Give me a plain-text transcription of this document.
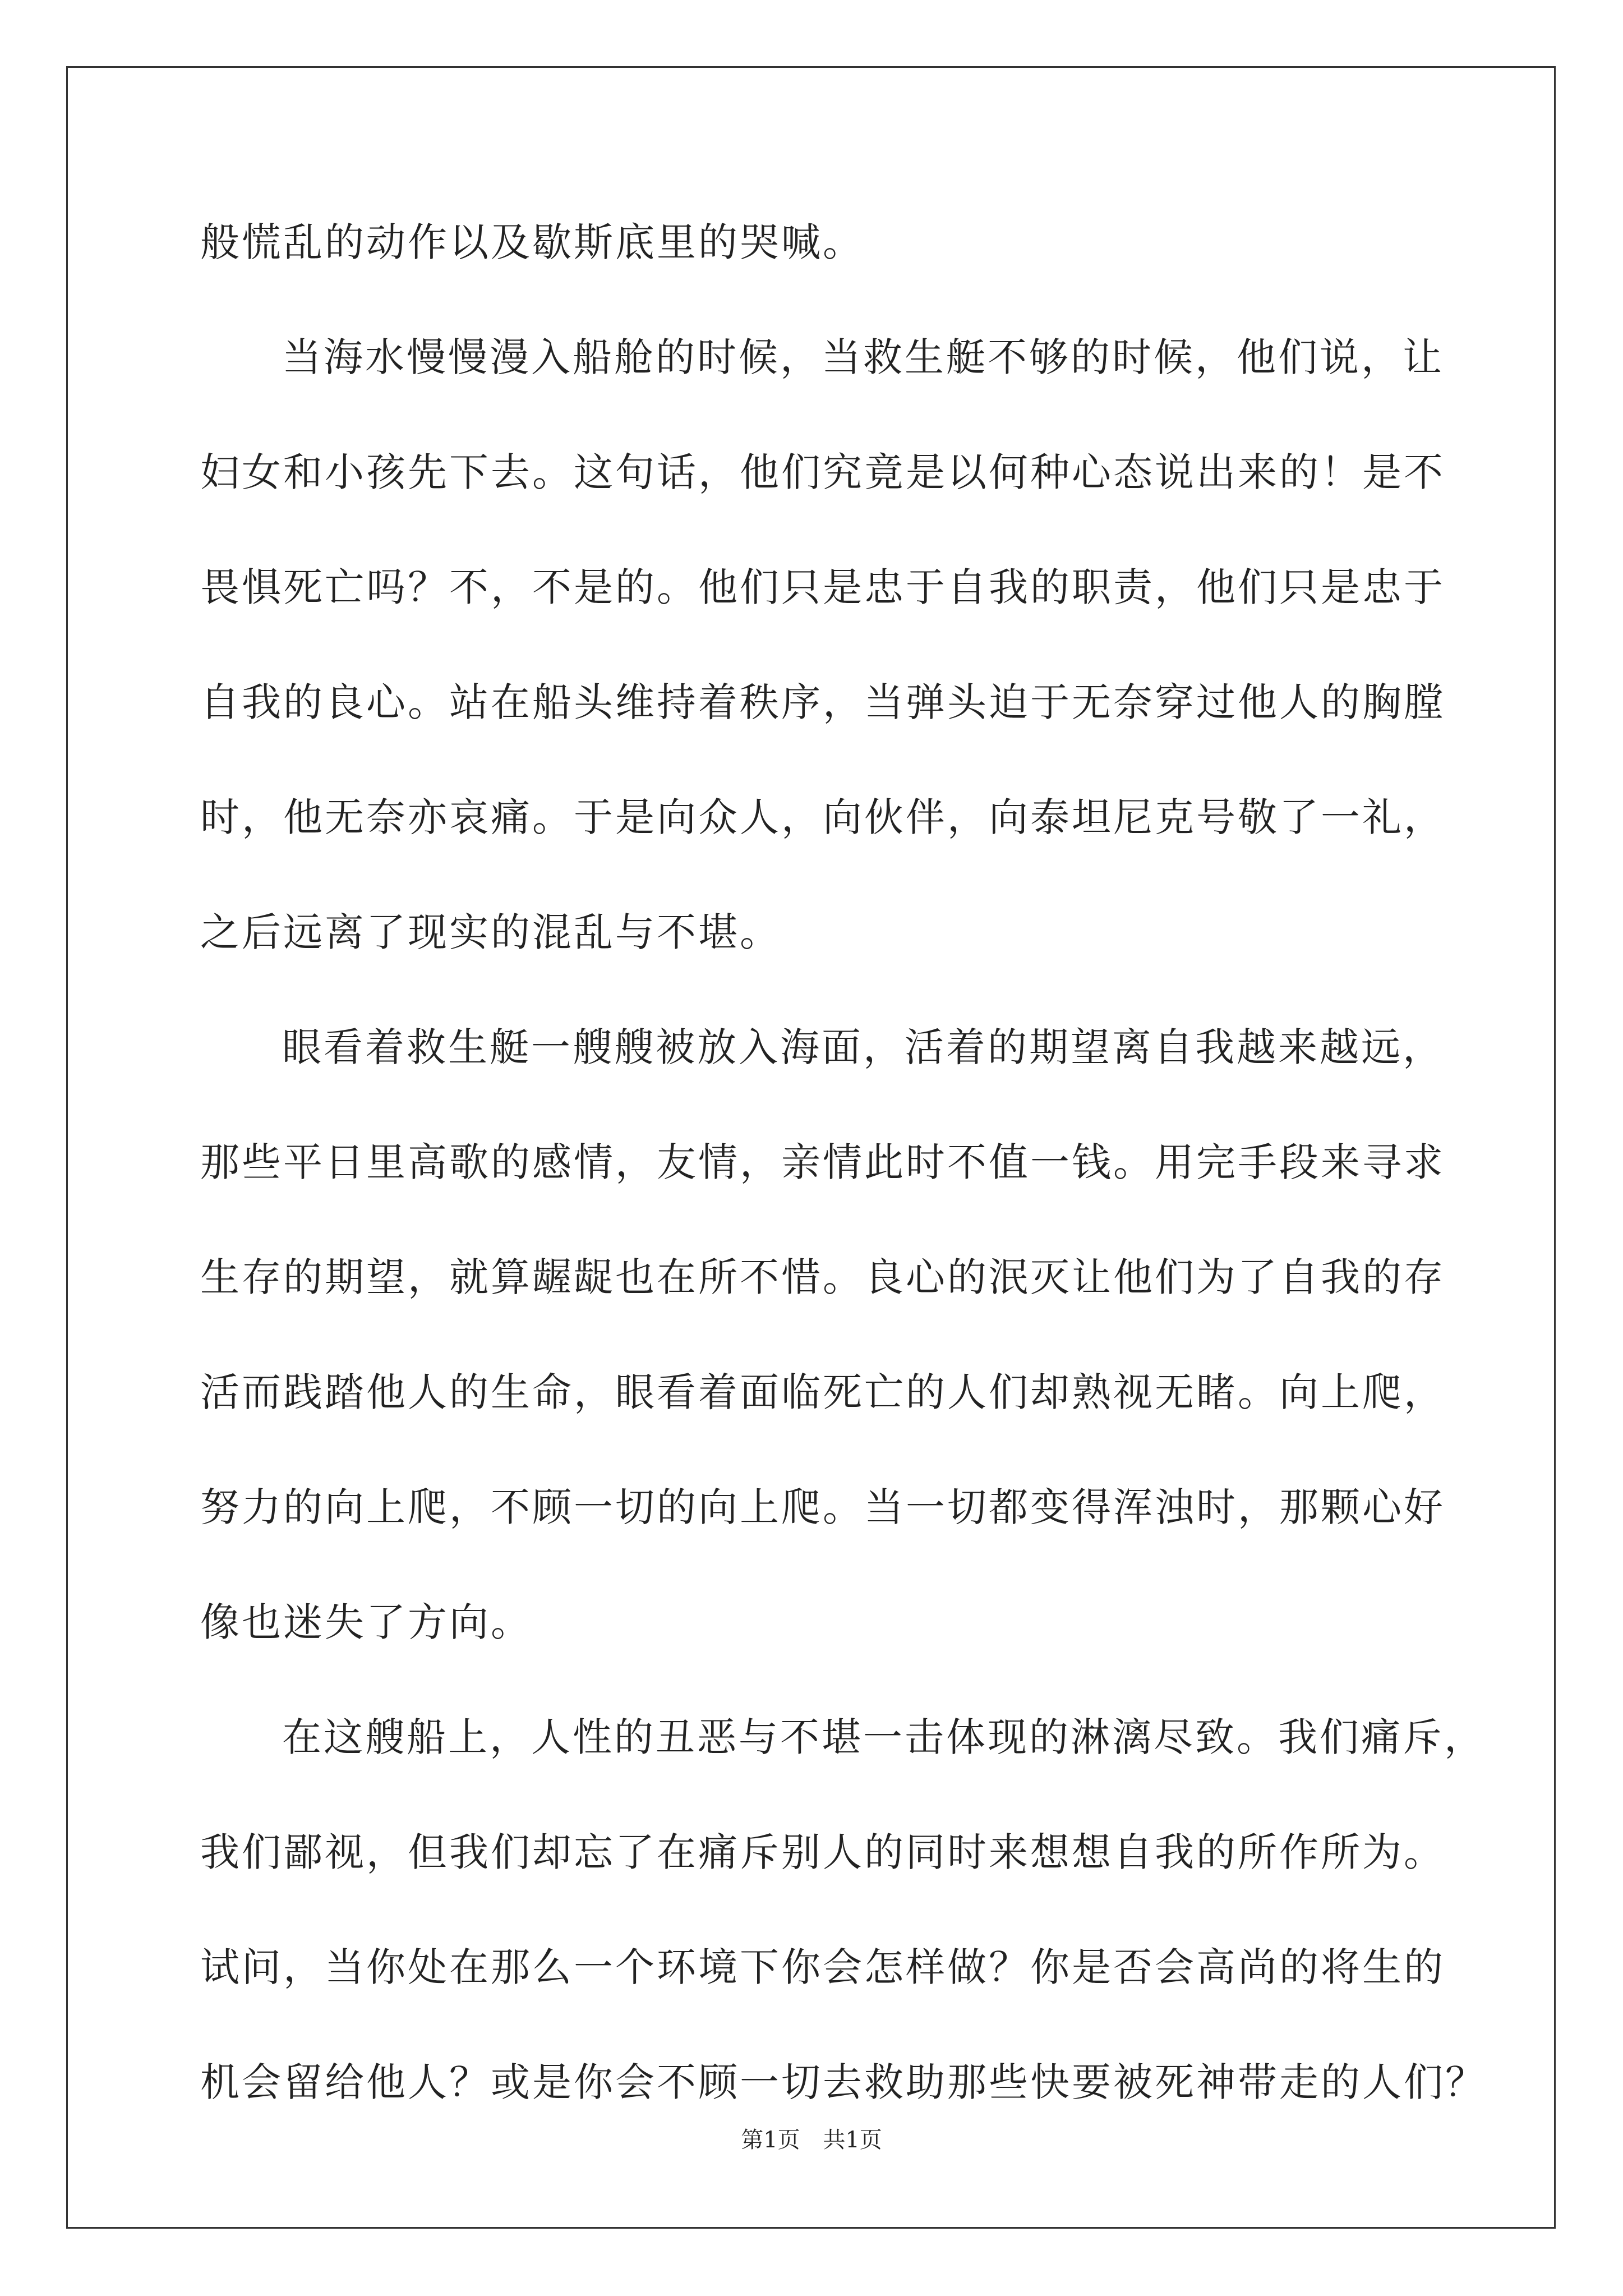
般慌乱的动作以及歇斯底里的哭喊。
当海水慢慢漫入船舱的时候，当救生艇不够的时候，他们说，让
妇女和小孩先下去。这句话，他们究竟是以何种心态说出来的！是不
畏惧死亡吗？不，不是的。他们只是忠于自我的职责，他们只是忠于
自我的良心。站在船头维持着秩序，当弹头迫于无奈穿过他人的胸膛
时，他无奈亦哀痛。于是向众人，向伙伴，向泰坦尼克号敬了一礼，
之后远离了现实的混乱与不堪。
眼看着救生艇一艘艘被放入海面，活着的期望离自我越来越远，
那些平日里高歌的感情，友情，亲情此时不值一钱。用完手段来寻求
生存的期望，就算龌龊也在所不惜。良心的泯灭让他们为了自我的存
活而践踏他人的生命，眼看着面临死亡的人们却熟视无睹。向上爬，
努力的向上爬，不顾一切的向上爬。当一切都变得浑浊时，那颗心好
像也迷失了方向。
在这艘船上，人性的丑恶与不堪一击体现的淋漓尽致。我们痛斥，
我们鄙视，但我们却忘了在痛斥别人的同时来想想自我的所作所为。
试问，当你处在那么一个环境下你会怎样做？你是否会高尚的将生的
机会留给他人？或是你会不顾一切去救助那些快要被死神带走的人们？
第1页 共1页
